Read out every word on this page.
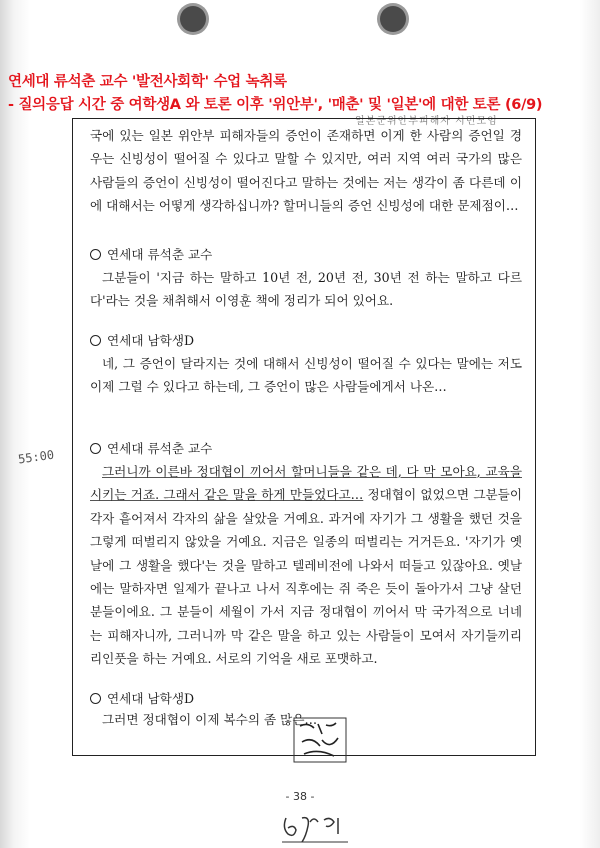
연세대 류석춘 교수 '발전사회학' 수업 녹취록
- 질의응답 시간 중 여학생A 와 토론 이후 '위안부', '매춘' 및 '일본'에 대한 토론 (6/9)
일본군위안부피해자 시민모임

국에 있는 일본 위안부 피해자들의 증언이 존재하면 이게 한 사람의 증언일 경우는 신빙성이 떨어질 수 있다고 말할 수 있지만, 여러 지역 여러 국가의 많은 사람들의 증언이 신빙성이 떨어진다고 말하는 것에는 저는 생각이 좀 다른데 이에 대해서는 어떻게 생각하십니까? 할머니들의 증언 신빙성에 대한 문제점이…

연세대 류석춘 교수

그분들이 '지금 하는 말하고 10년 전, 20년 전, 30년 전 하는 말하고 다르다'라는 것을 채취해서 이영훈 책에 정리가 되어 있어요.

연세대 남학생D

네, 그 증언이 달라지는 것에 대해서 신빙성이 떨어질 수 있다는 말에는 저도 이제 그럴 수 있다고 하는데, 그 증언이 많은 사람들에게서 나온…

연세대 류석춘 교수

그러니까 이른바 정대협이 끼어서 할머니들을 같은 데, 다 막 모아요, 교육을 시키는 거죠. 그래서 같은 말을 하게 만들었다고… 정대협이 없었으면 그분들이 각자 흩어져서 각자의 삶을 살았을 거예요. 과거에 자기가 그 생활을 했던 것을 그렇게 떠벌리지 않았을 거예요. 지금은 일종의 떠벌리는 거거든요. '자기가 옛날에 그 생활을 했다'는 것을 말하고 텔레비전에 나와서 떠들고 있잖아요. 옛날에는 말하자면 일제가 끝나고 나서 직후에는 쥐 죽은 듯이 돌아가서 그냥 살던 분들이에요. 그 분들이 세월이 가서 지금 정대협이 끼어서 막 국가적으로 너네는 피해자니까, 그러니까 막 같은 말을 하고 있는 사람들이 모여서 자기들끼리 리인풋을 하는 거예요. 서로의 기억을 새로 포맷하고.

연세대 남학생D

그러면 정대협이 이제 복수의 좀 많은…

55:00
- 38 -
